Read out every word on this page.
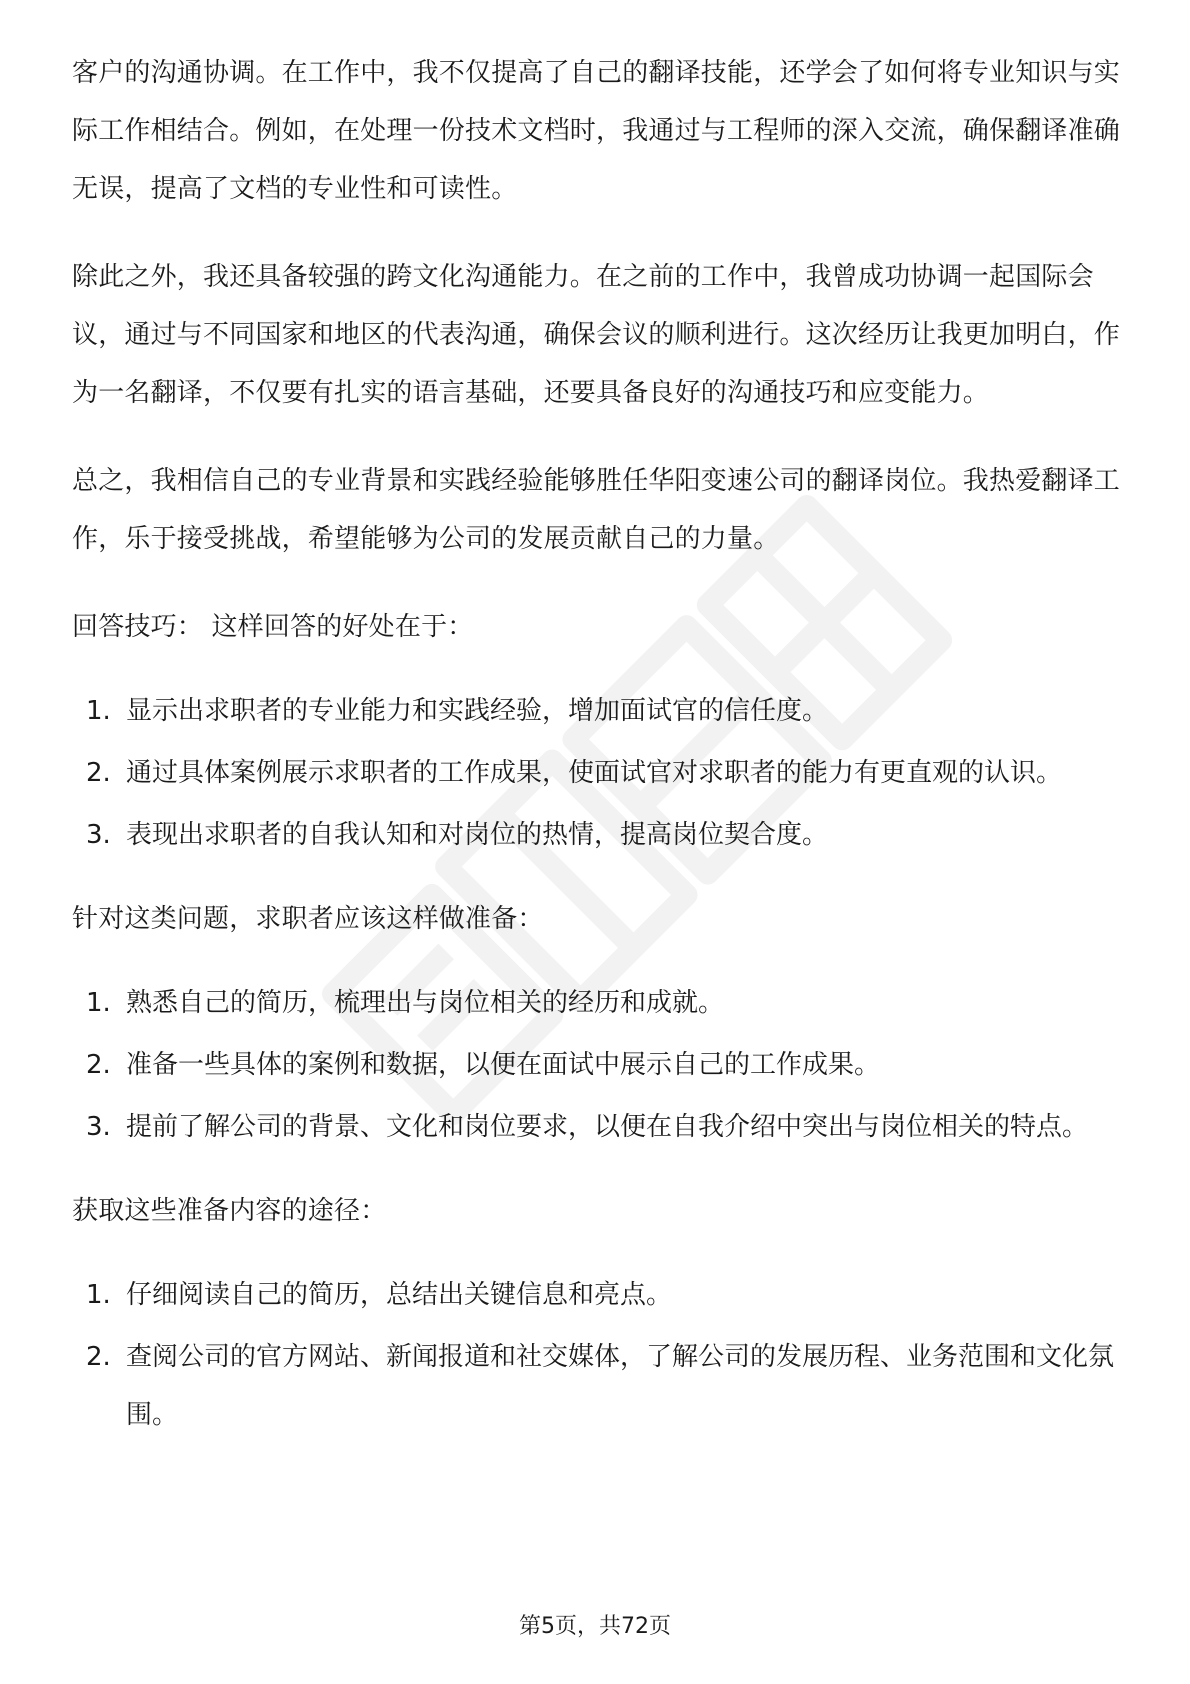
客户的沟通协调。在工作中，我不仅提高了自己的翻译技能，还学会了如何将专业知识与实际工作相结合。例如，在处理一份技术文档时，我通过与工程师的深入交流，确保翻译准确无误，提高了文档的专业性和可读性。

除此之外，我还具备较强的跨文化沟通能力。在之前的工作中，我曾成功协调一起国际会议，通过与不同国家和地区的代表沟通，确保会议的顺利进行。这次经历让我更加明白，作为一名翻译，不仅要有扎实的语言基础，还要具备良好的沟通技巧和应变能力。

总之，我相信自己的专业背景和实践经验能够胜任华阳变速公司的翻译岗位。我热爱翻译工作，乐于接受挑战，希望能够为公司的发展贡献自己的力量。

回答技巧： 这样回答的好处在于：

1. 显示出求职者的专业能力和实践经验，增加面试官的信任度。
2. 通过具体案例展示求职者的工作成果，使面试官对求职者的能力有更直观的认识。
3. 表现出求职者的自我认知和对岗位的热情，提高岗位契合度。

针对这类问题，求职者应该这样做准备：

1. 熟悉自己的简历，梳理出与岗位相关的经历和成就。
2. 准备一些具体的案例和数据，以便在面试中展示自己的工作成果。
3. 提前了解公司的背景、文化和岗位要求，以便在自我介绍中突出与岗位相关的特点。

获取这些准备内容的途径：

1. 仔细阅读自己的简历，总结出关键信息和亮点。
2. 查阅公司的官方网站、新闻报道和社交媒体，了解公司的发展历程、业务范围和文化氛围。
第5页，共72页
